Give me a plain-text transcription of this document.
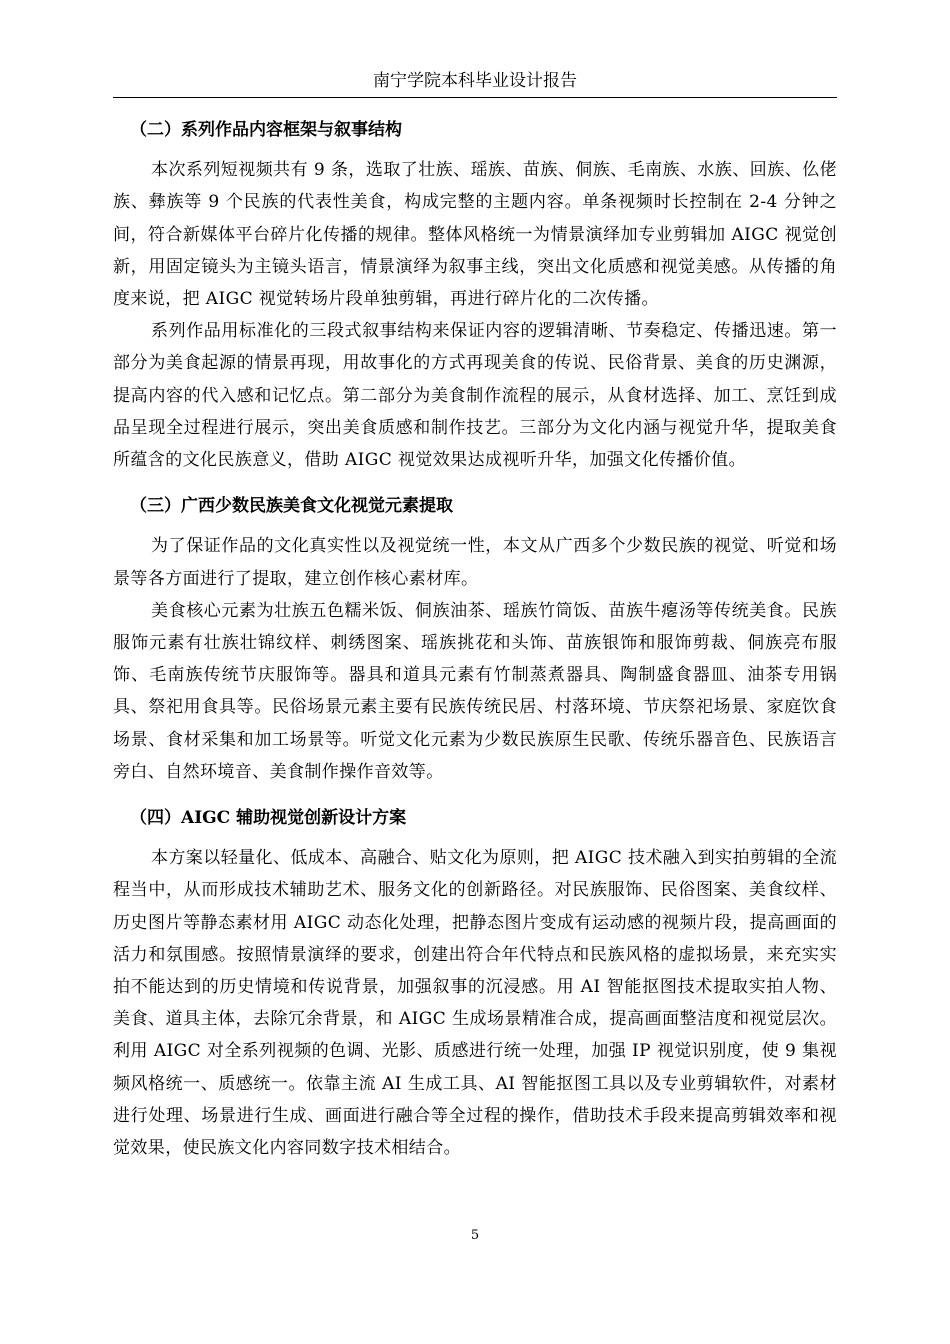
南宁学院本科毕业设计报告

（二）系列作品内容框架与叙事结构

本次系列短视频共有 9 条，选取了壮族、瑶族、苗族、侗族、毛南族、水族、回族、仫佬族、彝族等 9 个民族的代表性美食，构成完整的主题内容。单条视频时长控制在 2-4 分钟之间，符合新媒体平台碎片化传播的规律。整体风格统一为情景演绎加专业剪辑加 AIGC 视觉创新，用固定镜头为主镜头语言，情景演绎为叙事主线，突出文化质感和视觉美感。从传播的角度来说，把 AIGC 视觉转场片段单独剪辑，再进行碎片化的二次传播。

系列作品用标准化的三段式叙事结构来保证内容的逻辑清晰、节奏稳定、传播迅速。第一部分为美食起源的情景再现，用故事化的方式再现美食的传说、民俗背景、美食的历史渊源，提高内容的代入感和记忆点。第二部分为美食制作流程的展示，从食材选择、加工、烹饪到成品呈现全过程进行展示，突出美食质感和制作技艺。三部分为文化内涵与视觉升华，提取美食所蕴含的文化民族意义，借助 AIGC 视觉效果达成视听升华，加强文化传播价值。

（三）广西少数民族美食文化视觉元素提取

为了保证作品的文化真实性以及视觉统一性，本文从广西多个少数民族的视觉、听觉和场景等各方面进行了提取，建立创作核心素材库。

美食核心元素为壮族五色糯米饭、侗族油茶、瑶族竹筒饭、苗族牛瘪汤等传统美食。民族服饰元素有壮族壮锦纹样、刺绣图案、瑶族挑花和头饰、苗族银饰和服饰剪裁、侗族亮布服饰、毛南族传统节庆服饰等。器具和道具元素有竹制蒸煮器具、陶制盛食器皿、油茶专用锅具、祭祀用食具等。民俗场景元素主要有民族传统民居、村落环境、节庆祭祀场景、家庭饮食场景、食材采集和加工场景等。听觉文化元素为少数民族原生民歌、传统乐器音色、民族语言旁白、自然环境音、美食制作操作音效等。

（四）AIGC 辅助视觉创新设计方案

本方案以轻量化、低成本、高融合、贴文化为原则，把 AIGC 技术融入到实拍剪辑的全流程当中，从而形成技术辅助艺术、服务文化的创新路径。对民族服饰、民俗图案、美食纹样、历史图片等静态素材用 AIGC 动态化处理，把静态图片变成有运动感的视频片段，提高画面的活力和氛围感。按照情景演绎的要求，创建出符合年代特点和民族风格的虚拟场景，来充实实拍不能达到的历史情境和传说背景，加强叙事的沉浸感。用 AI 智能抠图技术提取实拍人物、美食、道具主体，去除冗余背景，和 AIGC 生成场景精准合成，提高画面整洁度和视觉层次。利用 AIGC 对全系列视频的色调、光影、质感进行统一处理，加强 IP 视觉识别度，使 9 集视频风格统一、质感统一。依靠主流 AI 生成工具、AI 智能抠图工具以及专业剪辑软件，对素材进行处理、场景进行生成、画面进行融合等全过程的操作，借助技术手段来提高剪辑效率和视觉效果，使民族文化内容同数字技术相结合。

5
